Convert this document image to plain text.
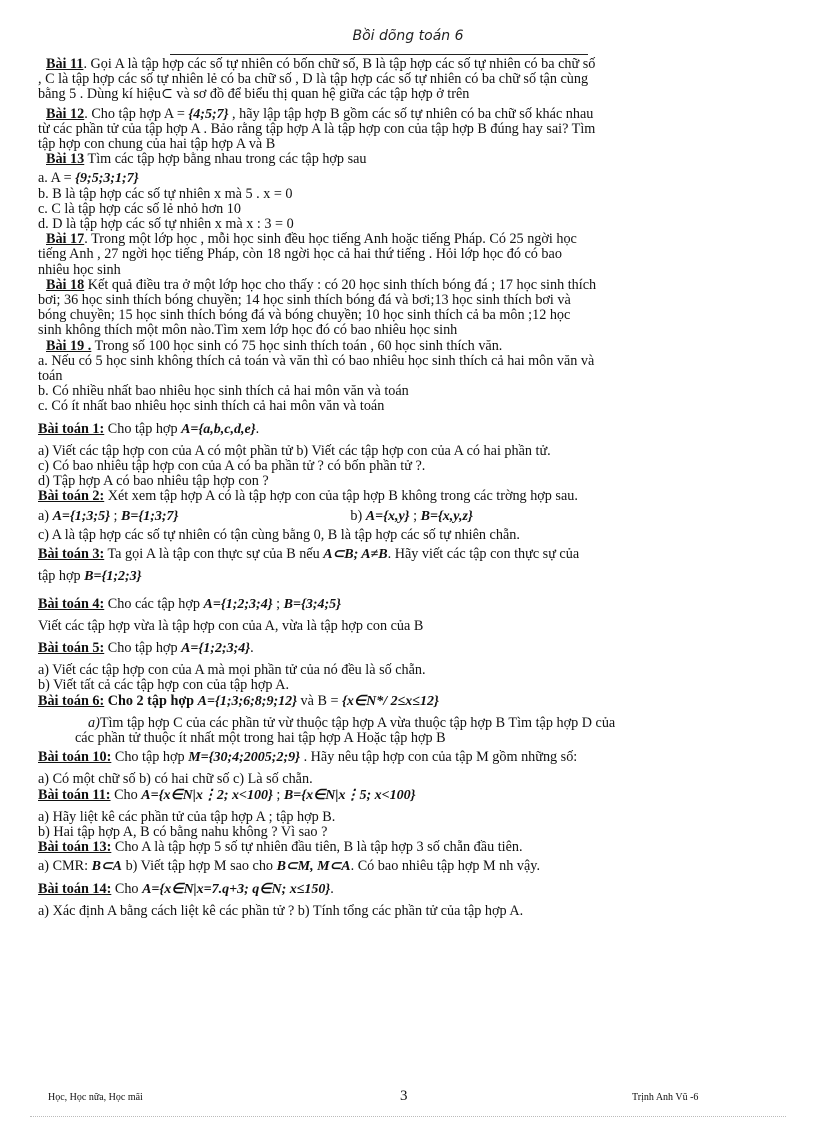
Bồi dõng toán 6

Bài 11. Gọi A là tập hợp các số tự nhiên có bốn chữ số, B là tập hợp các số tự nhiên có ba chữ số

, C là tập hợp các số tự nhiên lẻ có ba chữ số , D là tập hợp các số tự nhiên có ba chữ số tận cùng

bằng 5 . Dùng kí hiệu⊂ và sơ đồ để biểu thị quan hệ giữa các tập hợp ở trên

Bài 12. Cho tập hợp A = {4;5;7} , hãy lập tập hợp B gồm các số tự nhiên có ba chữ số khác nhau

từ các phần tử của tập hợp A . Bảo rằng tập hợp A là tập hợp con của tập hợp B đúng hay sai? Tìm

tập hợp con chung của hai tập hợp A và B

Bài 13 Tìm các tập hợp bằng nhau trong các tập hợp sau

a. A = {9;5;3;1;7}

b. B là tập hợp các số tự nhiên x mà 5 . x = 0

c. C là tập hợp các số lẻ nhỏ hơn 10

d. D là tập hợp các số tự nhiên x mà x : 3 = 0

Bài 17. Trong một lớp học , mỗi học sinh đều học tiếng Anh hoặc tiếng Pháp. Có 25 ngời học

tiếng Anh , 27 ngời học tiếng Pháp, còn 18 ngời học cả hai thứ tiếng . Hỏi lớp học đó có bao

nhiêu học sinh

Bài 18 Kết quả điều tra ở một lớp học cho thấy : có 20 học sinh thích bóng đá ; 17 học sinh thích

bơi; 36 học sinh thích bóng chuyền; 14 học sinh thích bóng đá và bơi;13 học sinh thích bơi và

bóng chuyền; 15 học sinh thích bóng đá và bóng chuyền; 10 học sinh thích cả ba môn ;12 học

sinh không thích một môn nào.Tìm xem lớp học đó có bao nhiêu học sinh

Bài 19 . Trong số 100 học sinh có 75 học sinh thích toán , 60 học sinh thích văn.

a. Nếu có 5 học sinh không thích cả toán và văn thì có bao nhiêu học sinh thích cả hai môn văn và

toán

b. Có nhiều nhất bao nhiêu học sinh thích cả hai môn văn và toán

c. Có ít nhất bao nhiêu học sinh thích cả hai môn văn và toán

Bài toán 1: Cho tập hợp A={a,b,c,d,e}.

a) Viết các tập hợp con của A có một phần tử b) Viết các tập hợp con của A có hai phần tử.

c) Có bao nhiêu tập hợp con của A có ba phần tử ? có bốn phần tử ?.

d) Tập hợp A có bao nhiêu tập hợp con ?

Bài toán 2: Xét xem tập hợp A có là tập hợp con của tập hợp B không trong các trờng hợp sau.

a) A={1;3;5} ; B={1;3;7}	b) A={x,y} ; B={x,y,z}

c) A là tập hợp các số tự nhiên có tận cùng bằng 0, B là tập hợp các số tự nhiên chẵn.

Bài toán 3: Ta gọi A là tập con thực sự của B nếu A⊂B; A≠B. Hãy viết các tập con thực sự của

tập hợp B={1;2;3}

Bài toán 4: Cho các tập hợp A={1;2;3;4} ; B={3;4;5}

Viết các tập hợp vừa là tập hợp con của A, vừa là tập hợp con của B

Bài toán 5: Cho tập hợp A={1;2;3;4}.

a) Viết các tập hợp con của A mà mọi phần tử của nó đều là số chẵn.

b) Viết tất cả các tập hợp con của tập hợp A.

Bài toán 6: Cho 2 tập hợp A={1;3;6;8;9;12} và B = {x∈N*/ 2≤x≤12}

a)Tìm tập hợp C của các phần tử vừ thuộc tập hợp A vừa thuộc tập hợp B Tìm tập hợp D của

các phần tử thuộc ít nhất một trong hai tập hợp A Hoặc tập hợp B

Bài toán 10: Cho tập hợp M={30;4;2005;2;9} . Hãy nêu tập hợp con của tập M gồm những số:

a) Có một chữ số b) có hai chữ số c) Là số chẵn.

Bài toán 11: Cho A={x∈N|x⋮2; x<100} ; B={x∈N|x⋮5; x<100}

a) Hãy liệt kê các phần tử của tập hợp A ; tập hợp B.

b) Hai tập hợp A, B có bằng nahu không ? Vì sao ?

Bài toán 13: Cho A là tập hợp 5 số tự nhiên đầu tiên, B là tập hợp 3 số chẵn đầu tiên.

a) CMR: B⊂A b) Viết tập hợp M sao cho B⊂M, M⊂A. Có bao nhiêu tập hợp M nh vậy.

Bài toán 14: Cho A={x∈N|x=7.q+3; q∈N; x≤150}.

a) Xác định A bằng cách liệt kê các phần tử ? b) Tính tổng các phần tử của tập hợp A.

Học, Học nữa, Học mãi	3	Trịnh Anh Vũ -6
